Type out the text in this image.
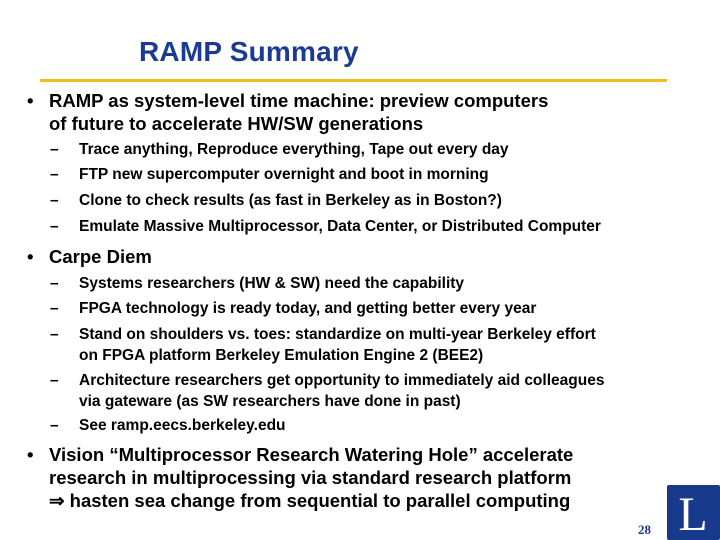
RAMP Summary
• RAMP as system-level time machine: preview computers
of future to accelerate HW/SW generations
– Trace anything, Reproduce everything, Tape out every day
– FTP new supercomputer overnight and boot in morning
– Clone to check results (as fast in Berkeley as in Boston?)
– Emulate Massive Multiprocessor, Data Center, or Distributed Computer
• Carpe Diem
– Systems researchers (HW & SW) need the capability
– FPGA technology is ready today, and getting better every year
– Stand on shoulders vs. toes: standardize on multi-year Berkeley effort
on FPGA platform Berkeley Emulation Engine 2 (BEE2)
– Architecture researchers get opportunity to immediately aid colleagues
via gateware (as SW researchers have done in past)
– See ramp.eecs.berkeley.edu
• Vision “Multiprocessor Research Watering Hole” accelerate
research in multiprocessing via standard research platform
⇒ hasten sea change from sequential to parallel computing
28 L
